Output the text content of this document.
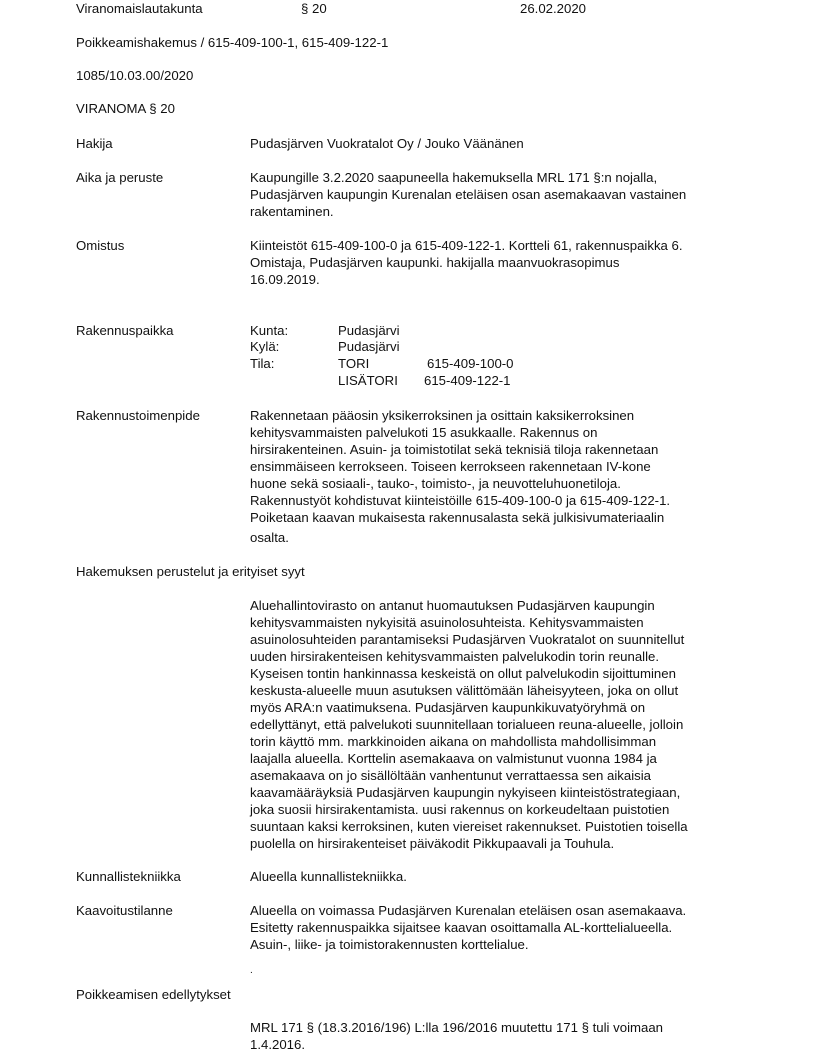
Viranomaislautakunta	§ 20	26.02.2020
Poikkeamishakemus / 615-409-100-1, 615-409-122-1
1085/10.03.00/2020
VIRANOMA § 20
Hakija	Pudasjärven Vuokratalot Oy / Jouko Väänänen
Aika ja peruste	Kaupungille 3.2.2020 saapuneella hakemuksella MRL 171 §:n nojalla,
Pudasjärven kaupungin Kurenalan eteläisen osan asemakaavan vastainen
rakentaminen.
Omistus	Kiinteistöt 615-409-100-0 ja 615-409-122-1. Kortteli 61, rakennuspaikka 6.
Omistaja, Pudasjärven kaupunki. hakijalla maanvuokrasopimus
16.09.2019.
Rakennuspaikka	Kunta:	Pudasjärvi
Kylä:	Pudasjärvi
Tila:	TORI	615-409-100-0
LISÄTORI 615-409-122-1
Rakennustoimenpide	Rakennetaan pääosin yksikerroksinen ja osittain kaksikerroksinen
kehitysvammaisten palvelukoti 15 asukkaalle. Rakennus on
hirsirakenteinen. Asuin- ja toimistotilat sekä teknisiä tiloja rakennetaan
ensimmäiseen kerrokseen. Toiseen kerrokseen rakennetaan IV-kone
huone sekä sosiaali-, tauko-, toimisto-, ja neuvotteluhuonetiloja.
Rakennustyöt kohdistuvat kiinteistöille 615-409-100-0 ja 615-409-122-1.
Poiketaan kaavan mukaisesta rakennusalasta sekä julkisivumateriaalin
osalta.
Hakemuksen perustelut ja erityiset syyt
Aluehallintovirasto on antanut huomautuksen Pudasjärven kaupungin
kehitysvammaisten nykyisitä asuinolosuhteista. Kehitysvammaisten
asuinolosuhteiden parantamiseksi Pudasjärven Vuokratalot on suunnitellut
uuden hirsirakenteisen kehitysvammaisten palvelukodin torin reunalle.
Kyseisen tontin hankinnassa keskeistä on ollut palvelukodin sijoittuminen
keskusta-alueelle muun asutuksen välittömään läheisyyteen, joka on ollut
myös ARA:n vaatimuksena. Pudasjärven kaupunkikuvatyöryhmä on
edellyttänyt, että palvelukoti suunnitellaan torialueen reuna-alueelle, jolloin
torin käyttö mm. markkinoiden aikana on mahdollista mahdollisimman
laajalla alueella. Korttelin asemakaava on valmistunut vuonna 1984 ja
asemakaava on jo sisällöltään vanhentunut verrattaessa sen aikaisia
kaavamääräyksiä Pudasjärven kaupungin nykyiseen kiinteistöstrategiaan,
joka suosii hirsirakentamista. uusi rakennus on korkeudeltaan puistotien
suuntaan kaksi kerroksinen, kuten viereiset rakennukset. Puistotien toisella
puolella on hirsirakenteiset päiväkodit Pikkupaavali ja Touhula.
Kunnallistekniikka	Alueella kunnallistekniikka.
Kaavoitustilanne	Alueella on voimassa Pudasjärven Kurenalan eteläisen osan asemakaava.
Esitetty rakennuspaikka sijaitsee kaavan osoittamalla AL-korttelialueella.
Asuin-, liike- ja toimistorakennusten korttelialue.
.
Poikkeamisen edellytykset
MRL 171 § (18.3.2016/196) L:lla 196/2016 muutettu 171 § tuli voimaan
1.4.2016.
